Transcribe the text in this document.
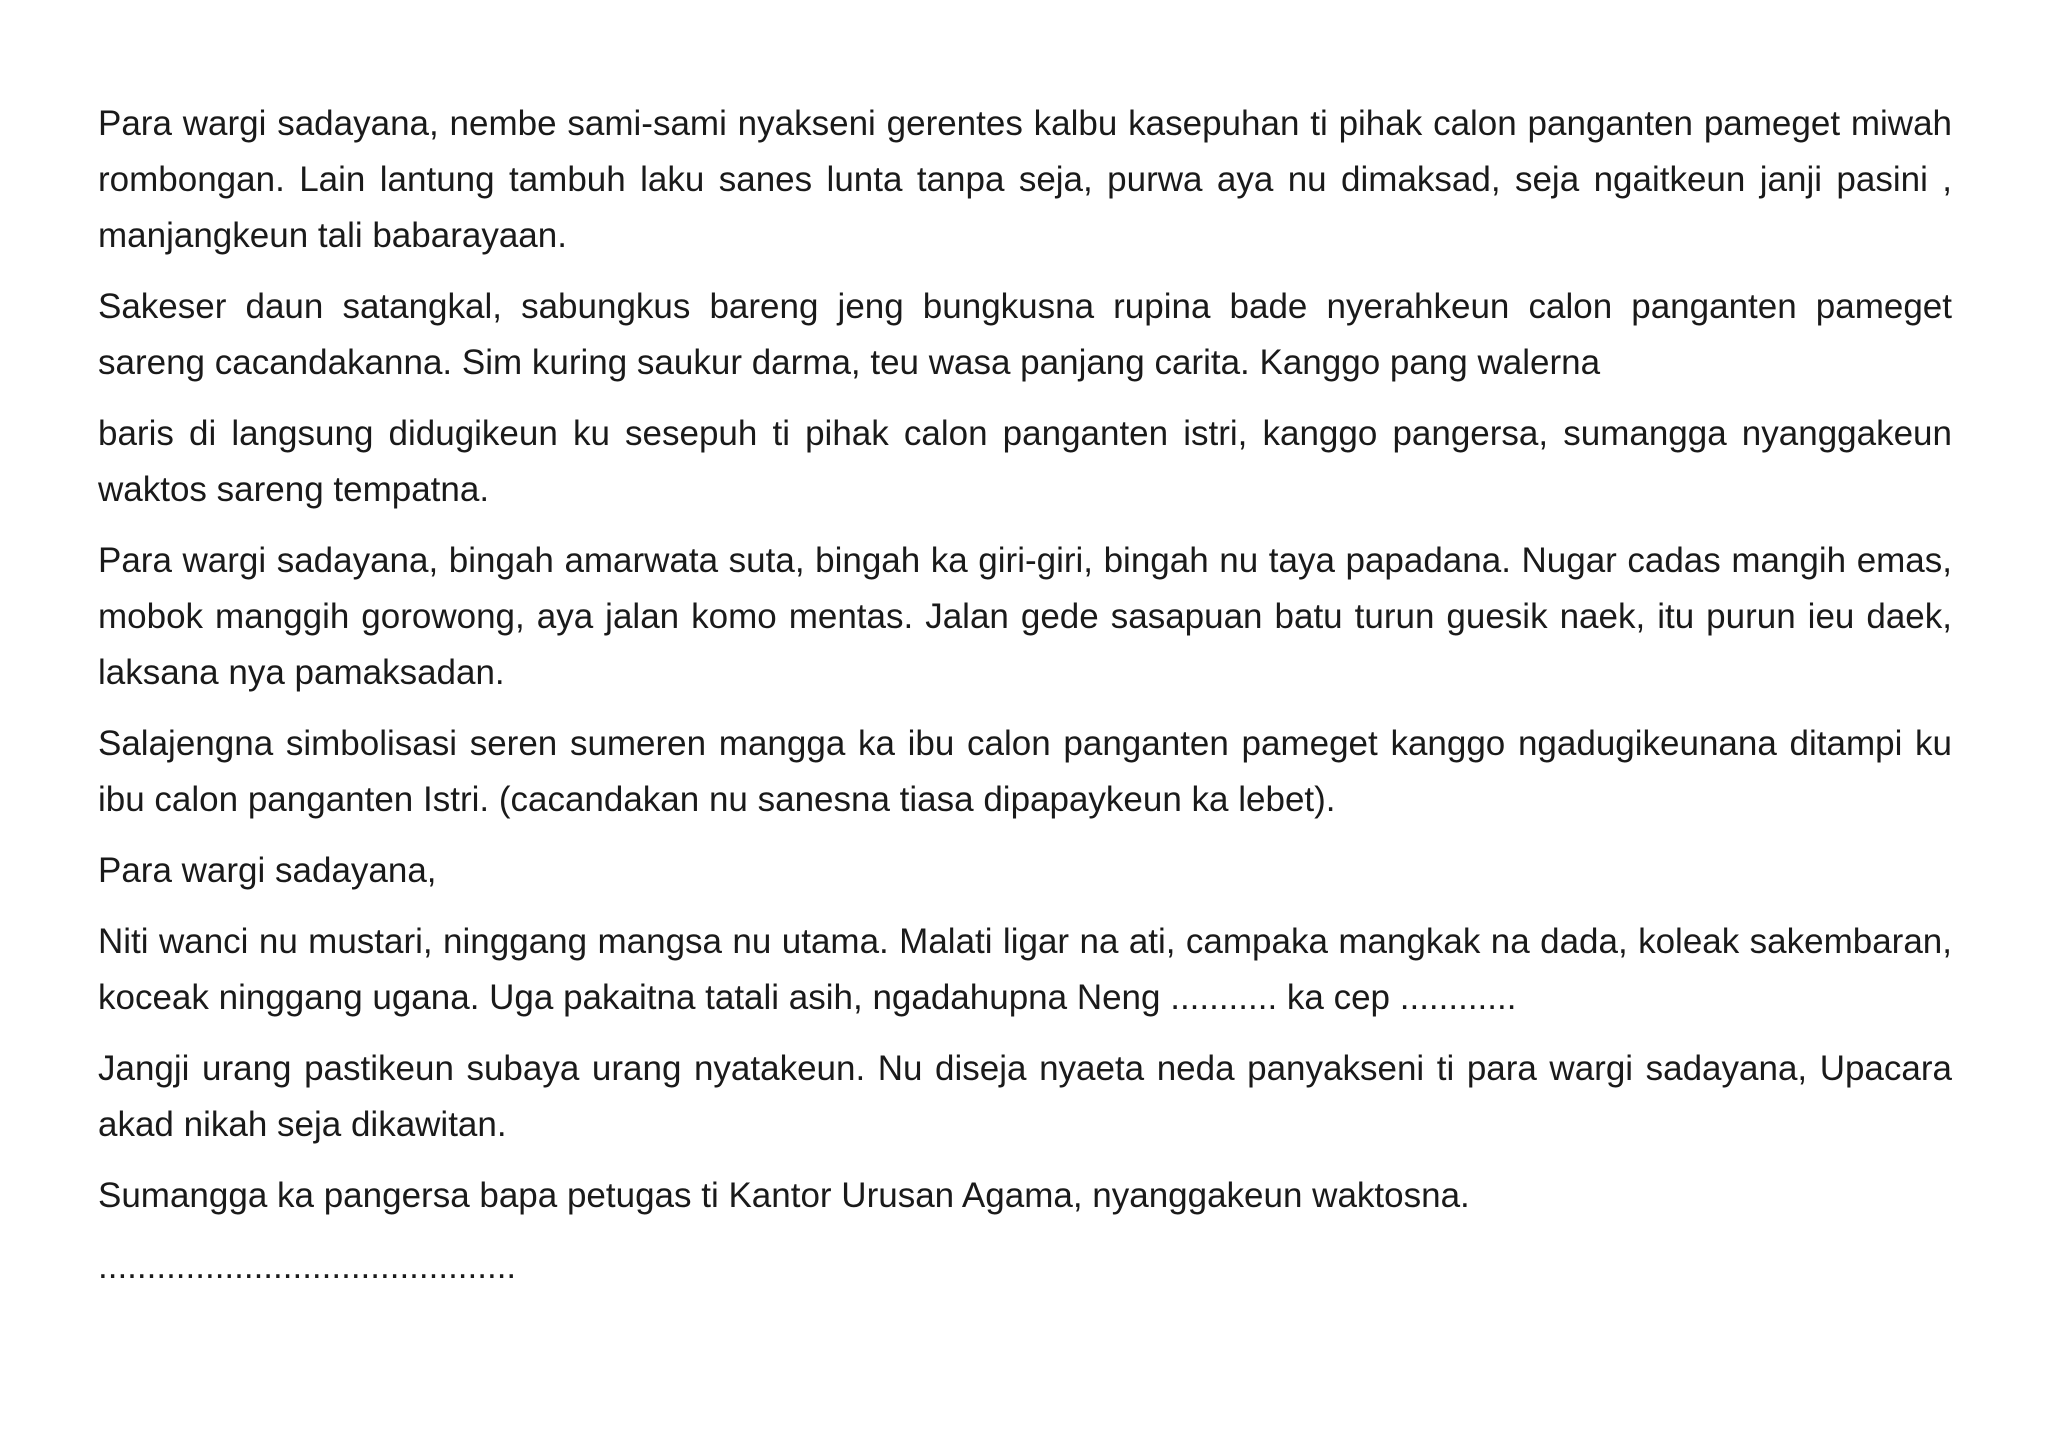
Para wargi sadayana, nembe sami-sami nyakseni gerentes kalbu kasepuhan ti pihak calon panganten pameget miwah rombongan. Lain lantung tambuh laku sanes lunta tanpa seja, purwa aya nu dimaksad, seja ngaitkeun janji pasini , manjangkeun tali babarayaan.

Sakeser daun satangkal, sabungkus bareng jeng bungkusna rupina bade nyerahkeun calon panganten pameget sareng cacandakanna. Sim kuring saukur darma, teu wasa panjang carita. Kanggo pang walerna

baris di langsung didugikeun ku sesepuh ti pihak calon panganten istri, kanggo pangersa, sumangga nyanggakeun waktos sareng tempatna.

Para wargi sadayana, bingah amarwata suta, bingah ka giri-giri, bingah nu taya papadana. Nugar cadas mangih emas, mobok manggih gorowong, aya jalan komo mentas. Jalan gede sasapuan batu turun guesik naek, itu purun ieu daek, laksana nya pamaksadan.

Salajengna simbolisasi seren sumeren mangga ka ibu calon panganten pameget kanggo ngadugikeunana ditampi ku ibu calon panganten Istri. (cacandakan nu sanesna tiasa dipapaykeun ka lebet).

Para wargi sadayana,

Niti wanci nu mustari, ninggang mangsa nu utama. Malati ligar na ati, campaka mangkak na dada, koleak sakembaran, koceak ninggang ugana. Uga pakaitna tatali asih, ngadahupna Neng ........... ka cep ............

Jangji urang pastikeun subaya urang nyatakeun. Nu diseja nyaeta neda panyakseni ti para wargi sadayana, Upacara akad nikah seja dikawitan.

Sumangga ka pangersa bapa petugas ti Kantor Urusan Agama, nyanggakeun waktosna.

...........................................
